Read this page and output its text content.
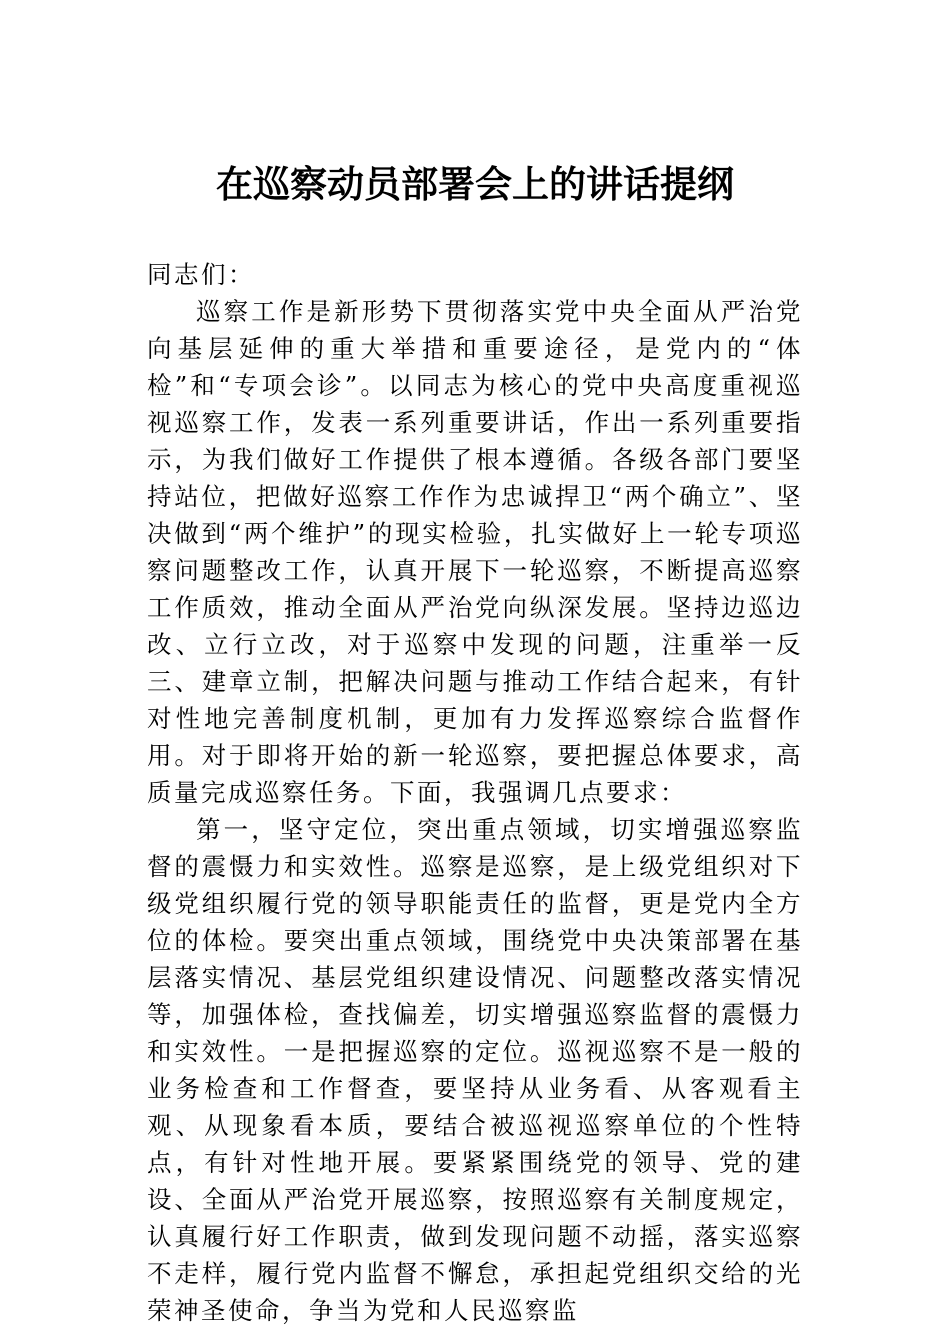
在巡察动员部署会上的讲话提纲

同志们：

巡察工作是新形势下贯彻落实党中央全面从严治党向基层延伸的重大举措和重要途径，是党内的“体检”和“专项会诊”。以同志为核心的党中央高度重视巡视巡察工作，发表一系列重要讲话，作出一系列重要指示，为我们做好工作提供了根本遵循。各级各部门要坚持站位，把做好巡察工作作为忠诚捍卫“两个确立”、坚决做到“两个维护”的现实检验，扎实做好上一轮专项巡察问题整改工作，认真开展下一轮巡察，不断提高巡察工作质效，推动全面从严治党向纵深发展。坚持边巡边改、立行立改，对于巡察中发现的问题，注重举一反三、建章立制，把解决问题与推动工作结合起来，有针对性地完善制度机制，更加有力发挥巡察综合监督作用。对于即将开始的新一轮巡察，要把握总体要求，高质量完成巡察任务。下面，我强调几点要求：

第一，坚守定位，突出重点领域，切实增强巡察监督的震慑力和实效性。巡察是巡察，是上级党组织对下级党组织履行党的领导职能责任的监督，更是党内全方位的体检。要突出重点领域，围绕党中央决策部署在基层落实情况、基层党组织建设情况、问题整改落实情况等，加强体检，查找偏差，切实增强巡察监督的震慑力和实效性。一是把握巡察的定位。巡视巡察不是一般的业务检查和工作督查，要坚持从业务看、从客观看主观、从现象看本质，要结合被巡视巡察单位的个性特点，有针对性地开展。要紧紧围绕党的领导、党的建设、全面从严治党开展巡察，按照巡察有关制度规定，认真履行好工作职责，做到发现问题不动摇，落实巡察不走样，履行党内监督不懈怠，承担起党组织交给的光荣神圣使命，争当为党和人民巡察监
